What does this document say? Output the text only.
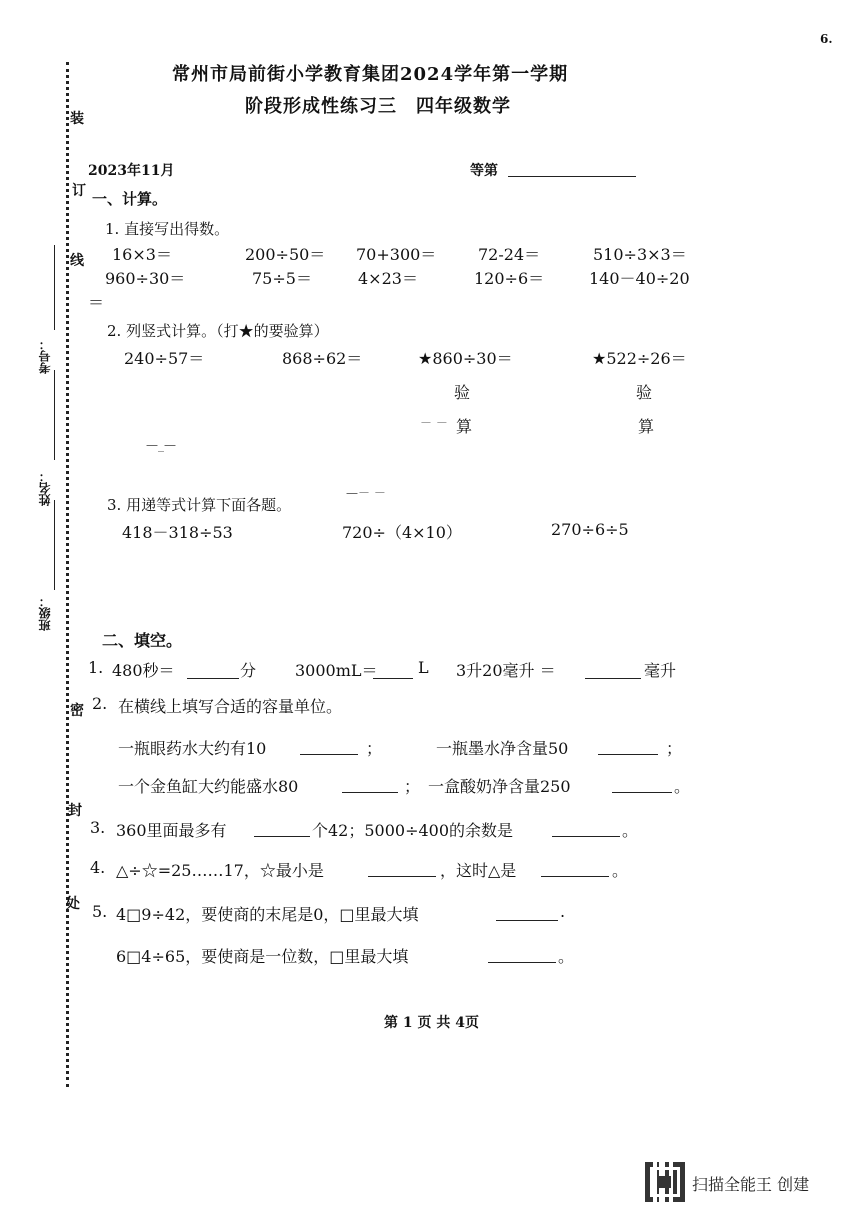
6.
装
订
线
密
封
处
考号：
姓名：
班级：
常州市局前街小学教育集团2024学年第一学期
阶段形成性练习三　四年级数学
2023年11月	等第
一、计算。
1. 直接写出得数。
16×3＝	200÷50＝ 70+300＝	72-24＝	510÷3×3＝
960÷30＝	75÷5＝	4×23＝	120÷6＝	140－40÷20
＝
2. 列竖式计算。（打★的要验算）
240÷57＝	868÷62＝	★860÷30＝	★522÷26＝
验	验
－ － 算	算
—_—
3. 用递等式计算下面各题。
—－ －
418－318÷53	720÷（4×10）	270÷6÷5
二、填空。
1. 480秒＝	分 3000mL＝	L 3升20毫升 ＝	毫升
2. 在横线上填写合适的容量单位。
一瓶眼药水大约有10	；	一瓶墨水净含量50	；
一个金鱼缸大约能盛水80	； 一盒酸奶净含量250	。
3. 360里面最多有	个42；5000÷400的余数是	。
4. △÷☆=25……17，☆最小是	，这时△是	。
5. 4□9÷42，要使商的末尾是0，□里最大填	.
6□4÷65，要使商是一位数，□里最大填	。
第 1 页 共 4页
扫描全能王 创建
